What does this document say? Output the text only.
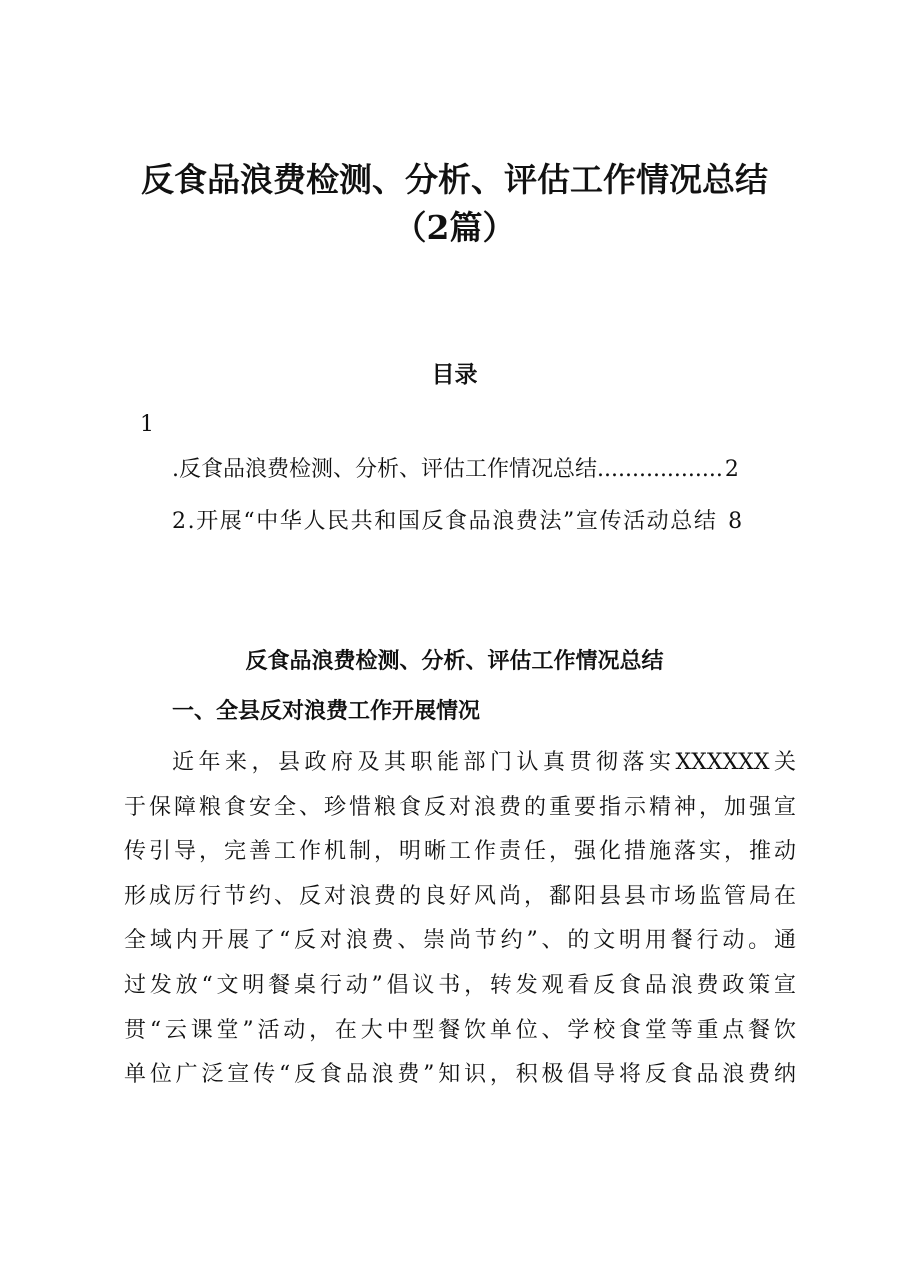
反食品浪费检测、分析、评估工作情况总结
（2篇）
目录
1
.反食品浪费检测、分析、评估工作情况总结..................2
2.开展“中华人民共和国反食品浪费法”宣传活动总结 8
反食品浪费检测、分析、评估工作情况总结
一、全县反对浪费工作开展情况
近年来，县政府及其职能部门认真贯彻落实XXXXXX关
于保障粮食安全、珍惜粮食反对浪费的重要指示精神，加强宣
传引导，完善工作机制，明晰工作责任，强化措施落实，推动
形成厉行节约、反对浪费的良好风尚，鄱阳县县市场监管局在
全域内开展了“反对浪费、崇尚节约”、的文明用餐行动。通
过发放“文明餐桌行动”倡议书，转发观看反食品浪费政策宣
贯“云课堂”活动，在大中型餐饮单位、学校食堂等重点餐饮
单位广泛宣传“反食品浪费”知识，积极倡导将反食品浪费纳
